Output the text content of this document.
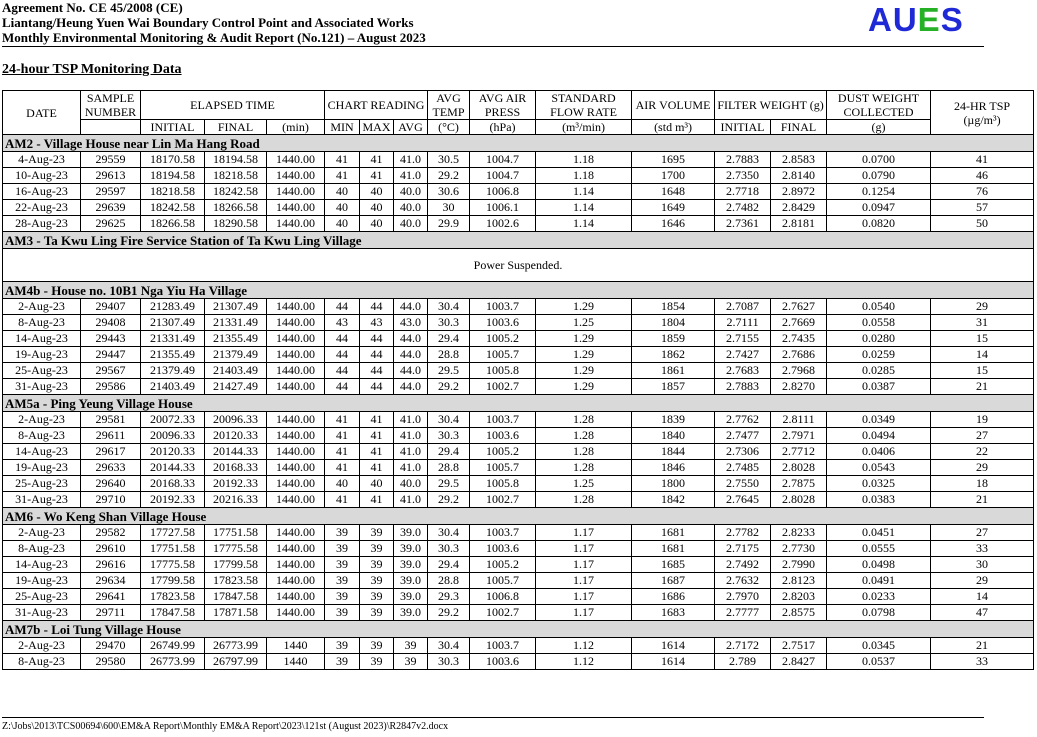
Agreement No. CE 45/2008 (CE)
Liantang/Heung Yuen Wai Boundary Control Point and Associated Works
Monthly Environmental Monitoring & Audit Report (No.121) – August 2023	AUES
24-hour TSP Monitoring Data
DATE	SAMPLE NUMBER	ELAPSED TIME			CHART READING			AVG TEMP	AVG AIR PRESS	STANDARD FLOW RATE	AIR VOLUME	FILTER WEIGHT (g)		DUST WEIGHT COLLECTED	24-HR TSP
(µg/m³)
		INITIAL	FINAL	(min)	MIN	MAX	AVG	(°C)	(hPa)	(m³/min)	(std m³)	INITIAL	FINAL	(g)	
AM2 - Village House near Lin Ma Hang Road															
4-Aug-23	29559	18170.58	18194.58	1440.00	41	41	41.0	30.5	1004.7	1.18	1695	2.7883	2.8583	0.0700	41
10-Aug-23	29613	18194.58	18218.58	1440.00	41	41	41.0	29.2	1004.7	1.18	1700	2.7350	2.8140	0.0790	46
16-Aug-23	29597	18218.58	18242.58	1440.00	40	40	40.0	30.6	1006.8	1.14	1648	2.7718	2.8972	0.1254	76
22-Aug-23	29639	18242.58	18266.58	1440.00	40	40	40.0	30	1006.1	1.14	1649	2.7482	2.8429	0.0947	57
28-Aug-23	29625	18266.58	18290.58	1440.00	40	40	40.0	29.9	1002.6	1.14	1646	2.7361	2.8181	0.0820	50
AM3 - Ta Kwu Ling Fire Service Station of Ta Kwu Ling Village															
Power Suspended.															
AM4b - House no. 10B1 Nga Yiu Ha Village															
2-Aug-23	29407	21283.49	21307.49	1440.00	44	44	44.0	30.4	1003.7	1.29	1854	2.7087	2.7627	0.0540	29
8-Aug-23	29408	21307.49	21331.49	1440.00	43	43	43.0	30.3	1003.6	1.25	1804	2.7111	2.7669	0.0558	31
14-Aug-23	29443	21331.49	21355.49	1440.00	44	44	44.0	29.4	1005.2	1.29	1859	2.7155	2.7435	0.0280	15
19-Aug-23	29447	21355.49	21379.49	1440.00	44	44	44.0	28.8	1005.7	1.29	1862	2.7427	2.7686	0.0259	14
25-Aug-23	29567	21379.49	21403.49	1440.00	44	44	44.0	29.5	1005.8	1.29	1861	2.7683	2.7968	0.0285	15
31-Aug-23	29586	21403.49	21427.49	1440.00	44	44	44.0	29.2	1002.7	1.29	1857	2.7883	2.8270	0.0387	21
AM5a - Ping Yeung Village House															
2-Aug-23	29581	20072.33	20096.33	1440.00	41	41	41.0	30.4	1003.7	1.28	1839	2.7762	2.8111	0.0349	19
8-Aug-23	29611	20096.33	20120.33	1440.00	41	41	41.0	30.3	1003.6	1.28	1840	2.7477	2.7971	0.0494	27
14-Aug-23	29617	20120.33	20144.33	1440.00	41	41	41.0	29.4	1005.2	1.28	1844	2.7306	2.7712	0.0406	22
19-Aug-23	29633	20144.33	20168.33	1440.00	41	41	41.0	28.8	1005.7	1.28	1846	2.7485	2.8028	0.0543	29
25-Aug-23	29640	20168.33	20192.33	1440.00	40	40	40.0	29.5	1005.8	1.25	1800	2.7550	2.7875	0.0325	18
31-Aug-23	29710	20192.33	20216.33	1440.00	41	41	41.0	29.2	1002.7	1.28	1842	2.7645	2.8028	0.0383	21
AM6 - Wo Keng Shan Village House															
2-Aug-23	29582	17727.58	17751.58	1440.00	39	39	39.0	30.4	1003.7	1.17	1681	2.7782	2.8233	0.0451	27
8-Aug-23	29610	17751.58	17775.58	1440.00	39	39	39.0	30.3	1003.6	1.17	1681	2.7175	2.7730	0.0555	33
14-Aug-23	29616	17775.58	17799.58	1440.00	39	39	39.0	29.4	1005.2	1.17	1685	2.7492	2.7990	0.0498	30
19-Aug-23	29634	17799.58	17823.58	1440.00	39	39	39.0	28.8	1005.7	1.17	1687	2.7632	2.8123	0.0491	29
25-Aug-23	29641	17823.58	17847.58	1440.00	39	39	39.0	29.3	1006.8	1.17	1686	2.7970	2.8203	0.0233	14
31-Aug-23	29711	17847.58	17871.58	1440.00	39	39	39.0	29.2	1002.7	1.17	1683	2.7777	2.8575	0.0798	47
AM7b - Loi Tung Village House															
2-Aug-23	29470	26749.99	26773.99	1440	39	39	39	30.4	1003.7	1.12	1614	2.7172	2.7517	0.0345	21
8-Aug-23	29580	26773.99	26797.99	1440	39	39	39	30.3	1003.6	1.12	1614	2.789	2.8427	0.0537	33
Z:\Jobs\2013\TCS00694\600\EM&A Report\Monthly EM&A Report\2023\121st (August 2023)\R2847v2.docx
